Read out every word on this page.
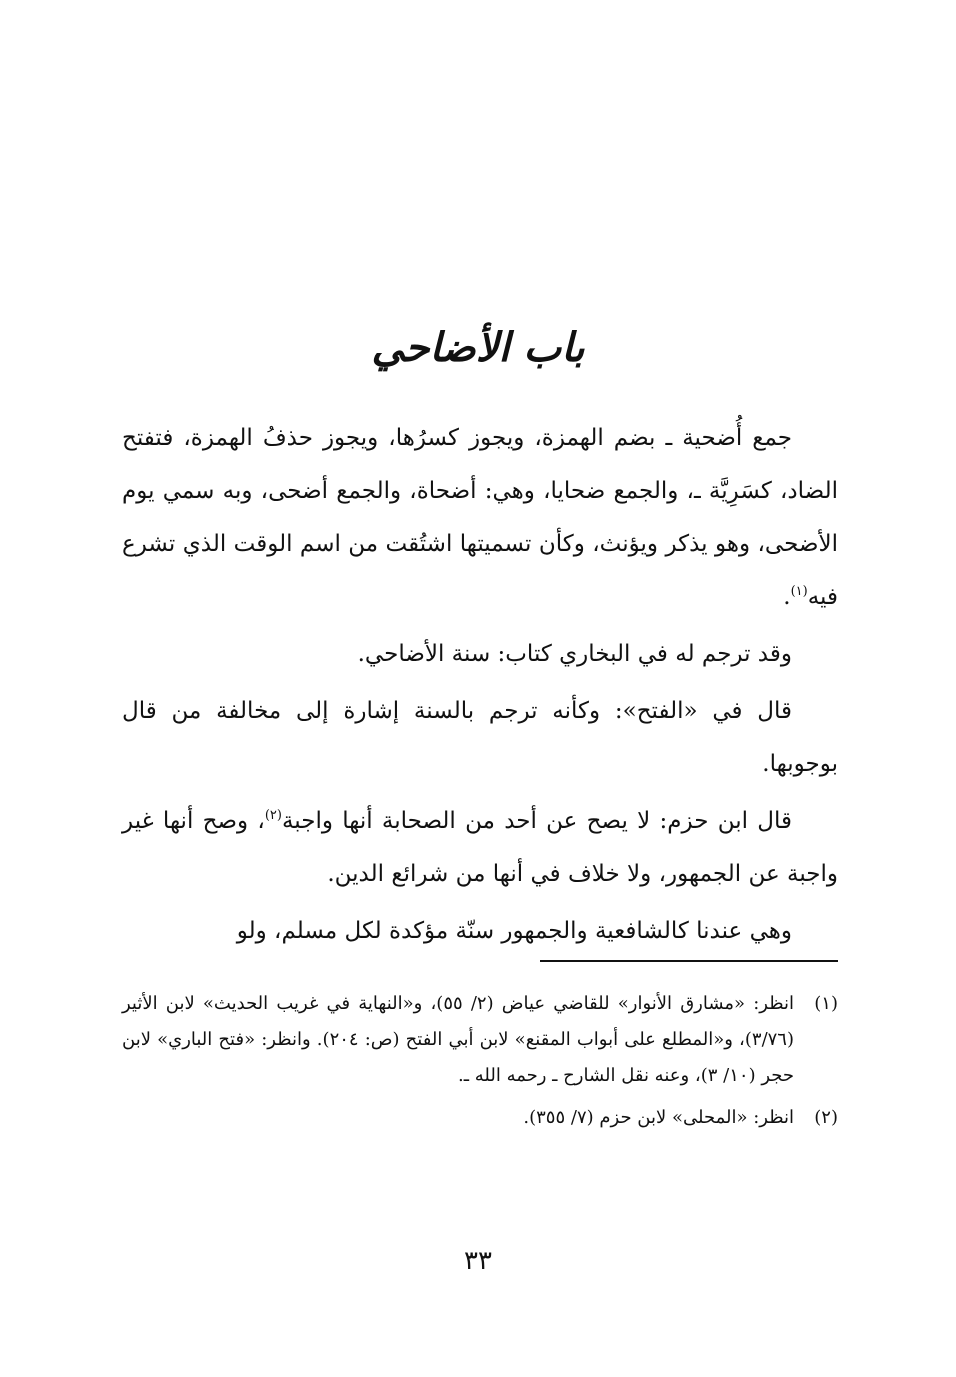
باب الأضاحي

جمع أُضحية ـ بضم الهمزة، ويجوز كسرُها، ويجوز حذفُ الهمزة، فتفتح الضاد، كسَرِيَّة ـ، والجمع ضحايا، وهي: أضحاة، والجمع أضحى، وبه سمي يوم الأضحى، وهو يذكر ويؤنث، وكأن تسميتها اشتُقت من اسم الوقت الذي تشرع فيه$^{(١)}$.

وقد ترجم له في البخاري كتاب: سنة الأضاحي.

قال في «الفتح»: وكأنه ترجم بالسنة إشارة إلى مخالفة من قال بوجوبها.

قال ابن حزم: لا يصح عن أحد من الصحابة أنها واجبة$^{(٢)}$، وصح أنها غير واجبة عن الجمهور، ولا خلاف في أنها من شرائع الدين.

وهي عندنا كالشافعية والجمهور سنّة مؤكدة لكل مسلم، ولو

(١)
انظر: «مشارق الأنوار» للقاضي عياض (٢/ ٥٥)، و«النهاية في غريب الحديث» لابن الأثير (٣/٧٦)، و«المطلع على أبواب المقنع» لابن أبي الفتح (ص: ٢٠٤). وانظر: «فتح الباري» لابن حجر (١٠/ ٣)، وعنه نقل الشارح ـ رحمه الله ـ.
(٢)
انظر: «المحلى» لابن حزم (٧/ ٣٥٥).
٣٣
